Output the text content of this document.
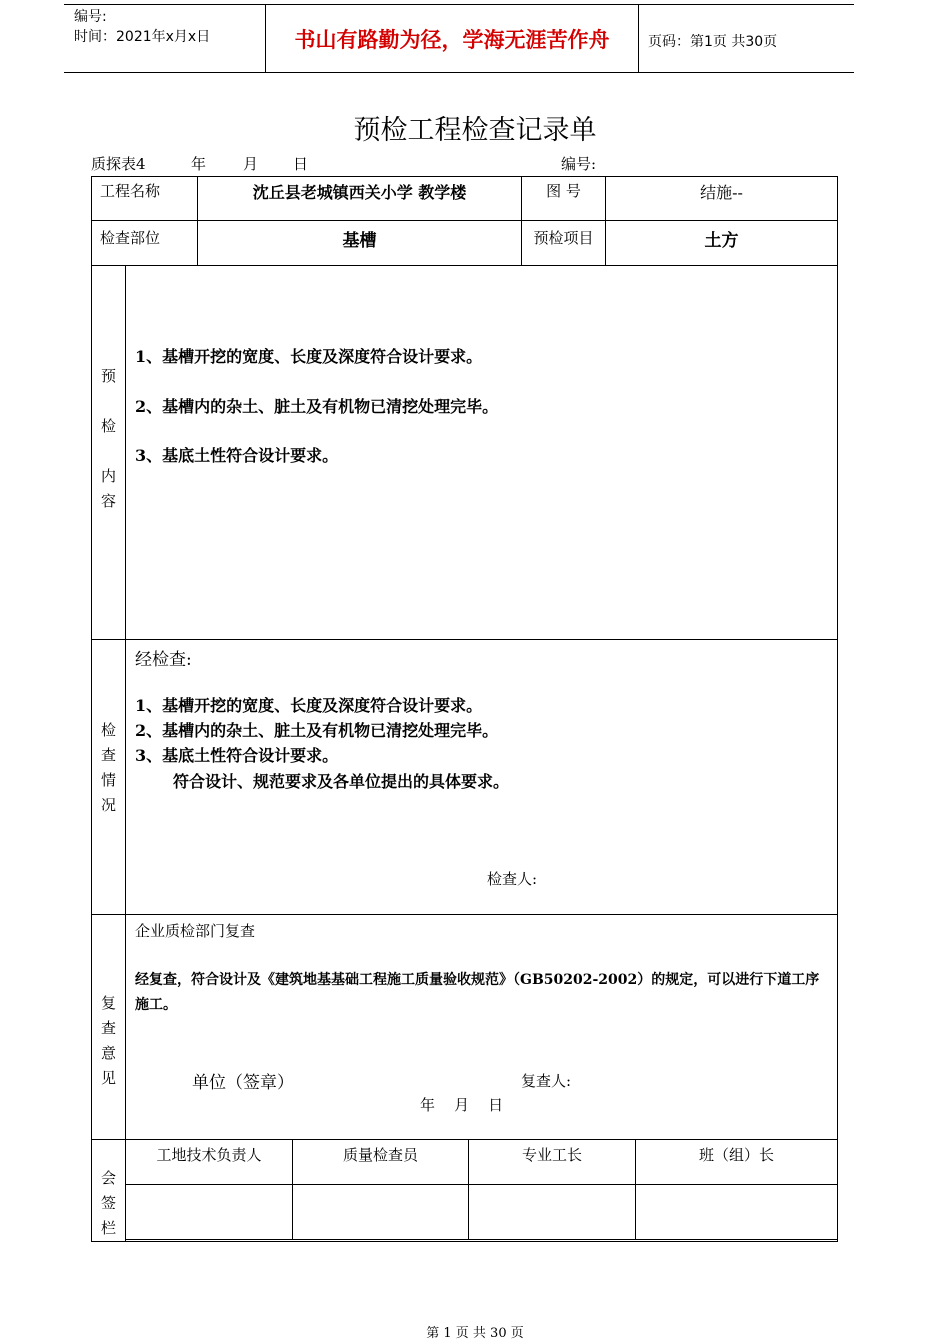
编号:
时间：2021年x月x日	书山有路勤为径，学海无涯苦作舟	页码：第1页 共30页
预检工程检查记录单
质探表4	年 月 日	编号:
工程名称	沈丘县老城镇西关小学 教学楼	图 号	结施--
检查部位	基槽	预检项目	土方

预
检
内
容

1、基槽开挖的宽度、长度及深度符合设计要求。
2、基槽内的杂土、脏土及有机物已清挖处理完毕。
3、基底土性符合设计要求。

检
查
情
况

经检查:
1、基槽开挖的宽度、长度及深度符合设计要求。
2、基槽内的杂土、脏土及有机物已清挖处理完毕。
3、基底土性符合设计要求。
符合设计、规范要求及各单位提出的具体要求。
检查人:

复
查
意
见

企业质检部门复查
经复查，符合设计及《建筑地基基础工程施工质量验收规范》（GB50202-2002）的规定，可以进行下道工序施工。
单位（签章）	复查人:
年    月    日

会
签
栏

工地技术负责人	质量检查员	专业工长	班（组）长

第 1 页 共 30 页
